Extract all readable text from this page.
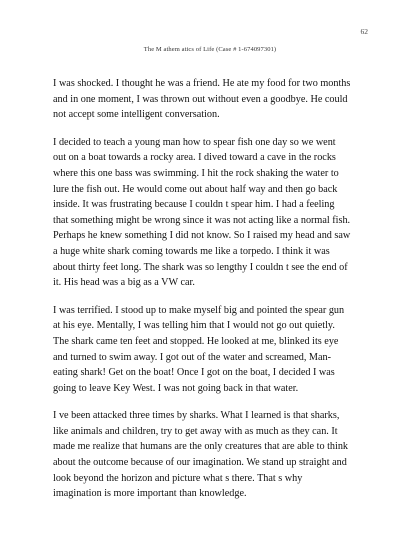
62
The M athem atics of Life (Case # 1-674097301)

I was shocked. I thought he was a friend. He ate my food for two months
and in one moment, I was thrown out without even a goodbye. He could
not accept some intelligent conversation.

I decided to teach a young man how to spear fish one day so we went
out on a boat towards a rocky area. I dived toward a cave in the rocks
where this one bass was swimming. I hit the rock shaking the water to
lure the fish out. He would come out about half way and then go back
inside. It was frustrating because I couldn t spear him. I had a feeling
that something might be wrong since it was not acting like a normal fish.
Perhaps he knew something I did not know. So I raised my head and saw
a huge white shark coming towards me like a torpedo. I think it was
about thirty feet long. The shark was so lengthy I couldn t see the end of
it. His head was a big as a VW car.

I was terrified. I stood up to make myself big and pointed the spear gun
at his eye. Mentally, I was telling him that I would not go out quietly.
The shark came ten feet and stopped. He looked at me, blinked its eye
and turned to swim away. I got out of the water and screamed, Man-
eating shark! Get on the boat! Once I got on the boat, I decided I was
going to leave Key West. I was not going back in that water.

I ve been attacked three times by sharks. What I learned is that sharks,
like animals and children, try to get away with as much as they can. It
made me realize that humans are the only creatures that are able to think
about the outcome because of our imagination. We stand up straight and
look beyond the horizon and picture what s there. That s why
imagination is more important than knowledge.
